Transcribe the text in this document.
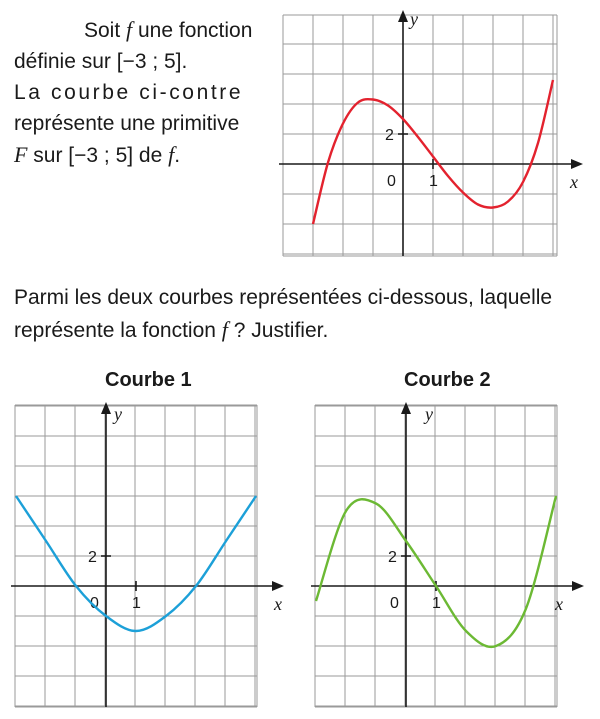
Soit f une fonction

définie sur [−3 ; 5].

La courbe ci-contre

représente une primitive

F sur [−3 ; 5] de f.

x
y
0 1
2

Parmi les deux courbes représentées ci-dessous, laquelle

représente la fonction f ? Justifier.

Courbe 1	Courbe 2
x
y
0 1
2
x
y
0 1
2
